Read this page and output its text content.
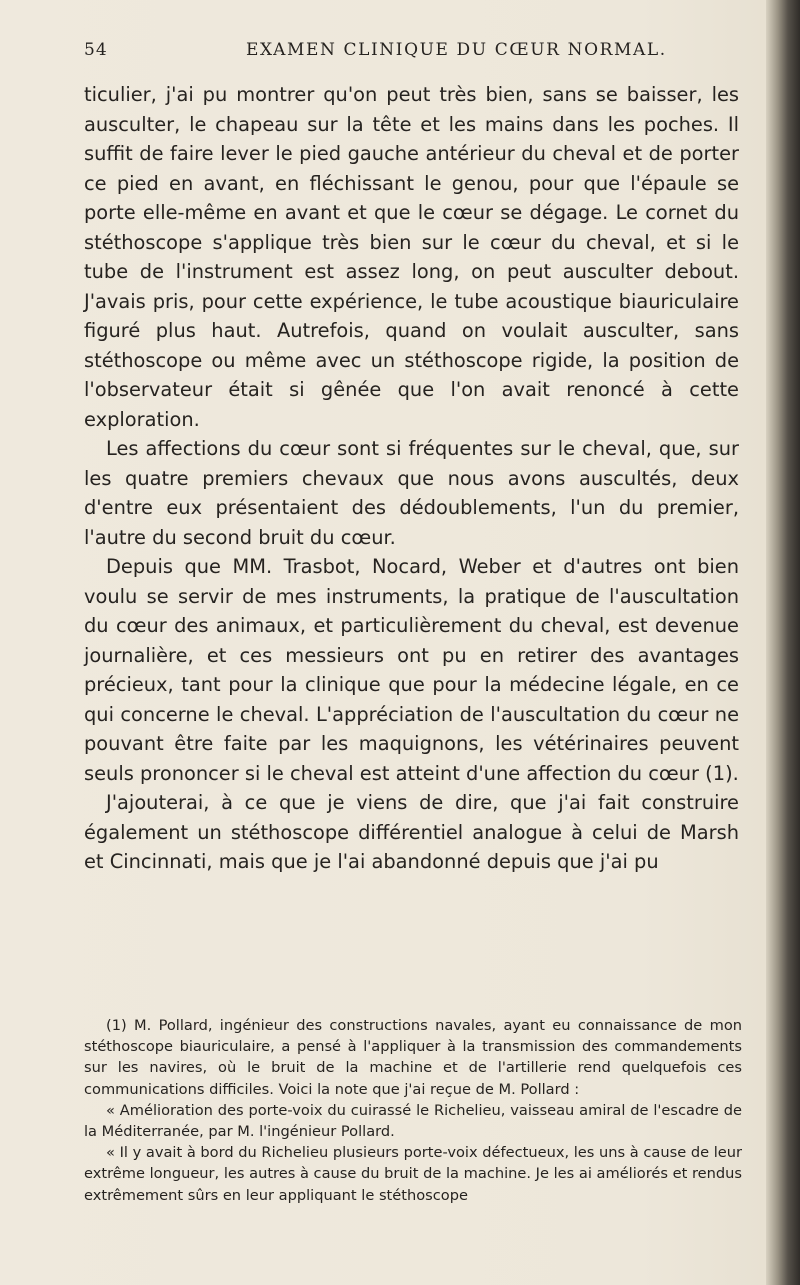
54	EXAMEN CLINIQUE DU CŒUR NORMAL.

ticulier, j'ai pu montrer qu'on peut très bien, sans se baisser, les ausculter, le chapeau sur la tête et les mains dans les poches. Il suffit de faire lever le pied gauche antérieur du cheval et de porter ce pied en avant, en fléchissant le genou, pour que l'épaule se porte elle-même en avant et que le cœur se dégage. Le cornet du stéthoscope s'applique très bien sur le cœur du cheval, et si le tube de l'instrument est assez long, on peut ausculter debout. J'avais pris, pour cette expérience, le tube acoustique biauriculaire figuré plus haut. Autrefois, quand on voulait ausculter, sans stéthoscope ou même avec un stéthoscope rigide, la position de l'observateur était si gênée que l'on avait renoncé à cette exploration.

Les affections du cœur sont si fréquentes sur le cheval, que, sur les quatre premiers chevaux que nous avons auscultés, deux d'entre eux présentaient des dédoublements, l'un du premier, l'autre du second bruit du cœur.

Depuis que MM. Trasbot, Nocard, Weber et d'autres ont bien voulu se servir de mes instruments, la pratique de l'auscultation du cœur des animaux, et particulièrement du cheval, est devenue journalière, et ces messieurs ont pu en retirer des avantages précieux, tant pour la clinique que pour la médecine légale, en ce qui concerne le cheval. L'appréciation de l'auscultation du cœur ne pouvant être faite par les maquignons, les vétérinaires peuvent seuls prononcer si le cheval est atteint d'une affection du cœur (1).

J'ajouterai, à ce que je viens de dire, que j'ai fait construire également un stéthoscope différentiel analogue à celui de Marsh et Cincinnati, mais que je l'ai abandonné depuis que j'ai pu

(1) M. Pollard, ingénieur des constructions navales, ayant eu connaissance de mon stéthoscope biauriculaire, a pensé à l'appliquer à la transmission des commandements sur les navires, où le bruit de la machine et de l'artillerie rend quelquefois ces communications difficiles. Voici la note que j'ai reçue de M. Pollard :

« Amélioration des porte-voix du cuirassé le Richelieu, vaisseau amiral de l'escadre de la Méditerranée, par M. l'ingénieur Pollard.

« Il y avait à bord du Richelieu plusieurs porte-voix défectueux, les uns à cause de leur extrême longueur, les autres à cause du bruit de la machine. Je les ai améliorés et rendus extrêmement sûrs en leur appliquant le stéthoscope
